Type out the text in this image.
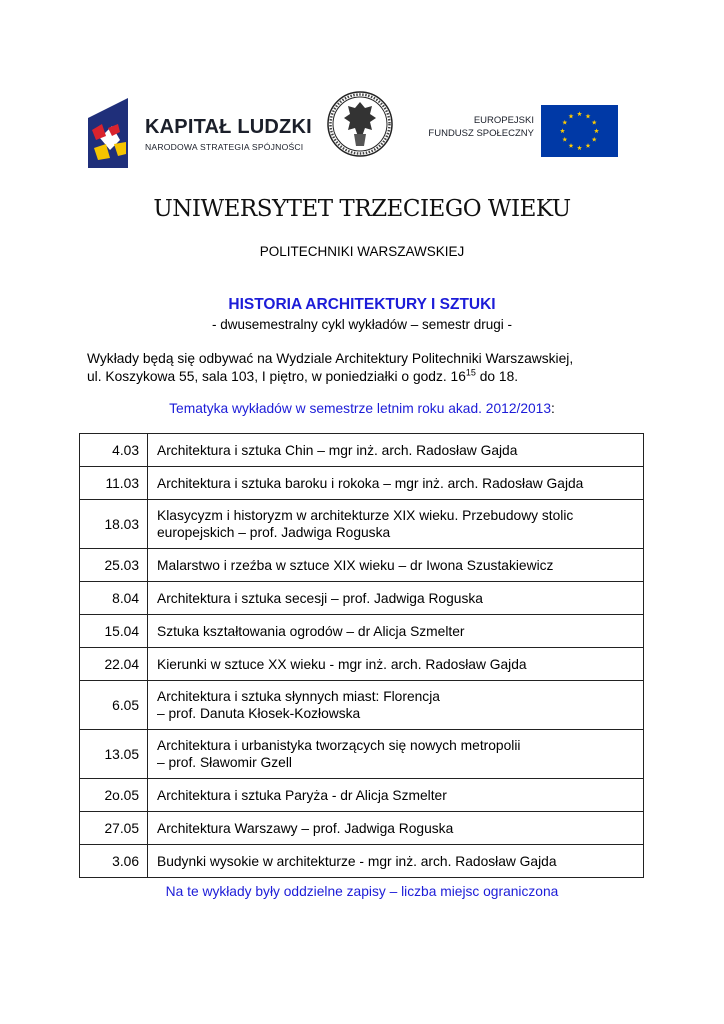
KAPITAŁ LUDZKI
NARODOWA STRATEGIA SPÓJNOŚCI
EUROPEJSKI
FUNDUSZ SPOŁECZNY
UNIWERSYTET TRZECIEGO WIEKU
POLITECHNIKI WARSZAWSKIEJ
HISTORIA ARCHITEKTURY I SZTUKI
- dwusemestralny cykl wykładów – semestr drugi -
Wykłady będą się odbywać na Wydziale Architektury Politechniki Warszawskiej,
ul. Koszykowa 55, sala 103, I piętro, w poniedziałki o godz. $16^{15}$ do 18.
Tematyka wykładów w semestrze letnim roku akad. 2012/2013:
4.03	Architektura i sztuka Chin – mgr inż. arch. Radosław Gajda

11.03	Architektura i sztuka baroku i rokoka – mgr inż. arch. Radosław Gajda

18.03	Klasycyzm i historyzm w architekturze XIX wieku. Przebudowy stolic
europejskich – prof. Jadwiga Roguska

25.03	Malarstwo i rzeźba w sztuce XIX wieku – dr Iwona Szustakiewicz

8.04	Architektura i sztuka secesji – prof. Jadwiga Roguska

15.04	Sztuka kształtowania ogrodów – dr Alicja Szmelter

22.04	Kierunki w sztuce XX wieku - mgr inż. arch. Radosław Gajda

6.05	Architektura i sztuka słynnych miast: Florencja
– prof. Danuta Kłosek-Kozłowska

13.05	Architektura i urbanistyka tworzących się nowych metropolii
– prof. Sławomir Gzell

2o.05	Architektura i sztuka Paryża - dr Alicja Szmelter

27.05	Architektura Warszawy – prof. Jadwiga Roguska

3.06	Budynki wysokie w architekturze - mgr inż. arch. Radosław Gajda
Na te wykłady były oddzielne zapisy – liczba miejsc ograniczona
